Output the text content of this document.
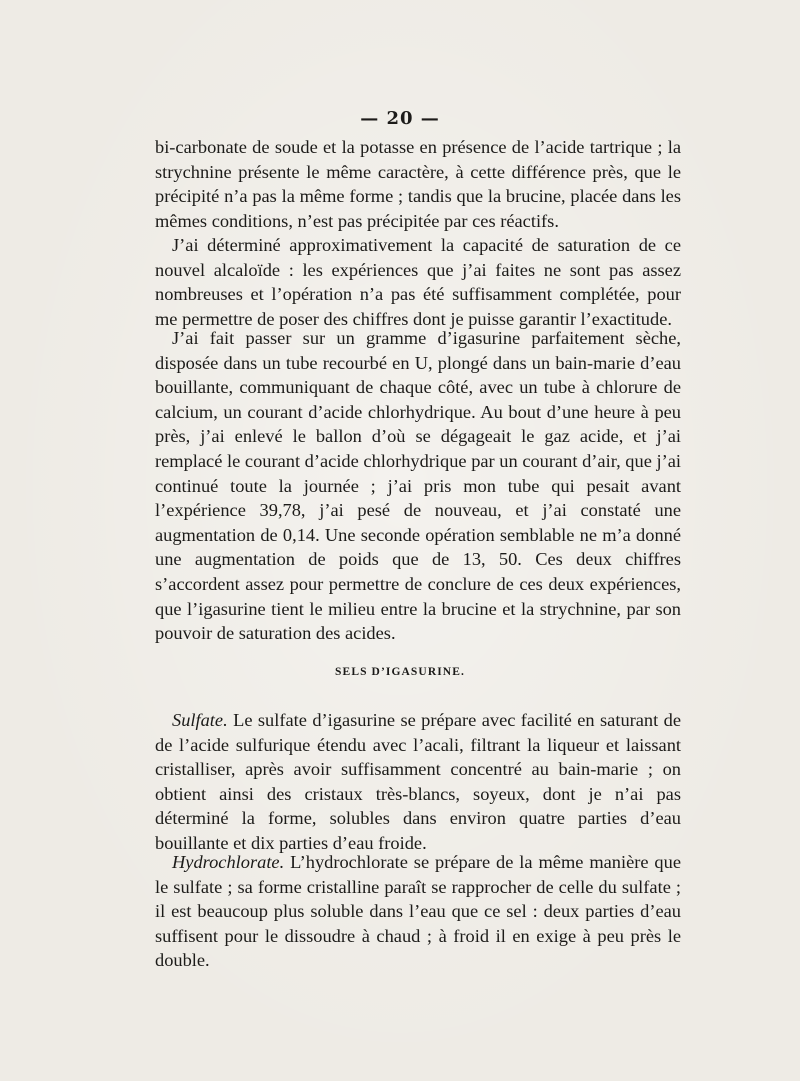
— 20 —

bi-carbonate de soude et la potasse en présence de l’acide tartrique ; la strychnine présente le même caractère, à cette différence près, que le précipité n’a pas la même forme ; tandis que la brucine, placée dans les mêmes conditions, n’est pas précipitée par ces réactifs.

J’ai déterminé approximativement la capacité de saturation de ce nouvel alcaloïde : les expériences que j’ai faites ne sont pas assez nombreuses et l’opération n’a pas été suffisamment complétée, pour me permettre de poser des chiffres dont je puisse garantir l’exactitude.

J’ai fait passer sur un gramme d’igasurine parfaitement sèche, disposée dans un tube recourbé en U, plongé dans un bain-marie d’eau bouillante, communiquant de chaque côté, avec un tube à chlorure de calcium, un courant d’acide chlorhydrique. Au bout d’une heure à peu près, j’ai enlevé le ballon d’où se dégageait le gaz acide, et j’ai remplacé le courant d’acide chlorhydrique par un courant d’air, que j’ai continué toute la journée ; j’ai pris mon tube qui pesait avant l’expérience 39,78, j’ai pesé de nouveau, et j’ai constaté une augmentation de 0,14. Une seconde opération semblable ne m’a donné une augmentation de poids que de 13, 50. Ces deux chiffres s’accordent assez pour permettre de conclure de ces deux expériences, que l’igasurine tient le milieu entre la brucine et la strychnine, par son pouvoir de saturation des acides.

SELS D’IGASURINE.

Sulfate. Le sulfate d’igasurine se prépare avec facilité en saturant de de l’acide sulfurique étendu avec l’acali, filtrant la liqueur et laissant cristalliser, après avoir suffisamment concentré au bain-marie ; on obtient ainsi des cristaux très-blancs, soyeux, dont je n’ai pas déterminé la forme, solubles dans environ quatre parties d’eau bouillante et dix parties d’eau froide.

Hydrochlorate. L’hydrochlorate se prépare de la même manière que le sulfate ; sa forme cristalline paraît se rapprocher de celle du sulfate ; il est beaucoup plus soluble dans l’eau que ce sel : deux parties d’eau suffisent pour le dissoudre à chaud ; à froid il en exige à peu près le double.
